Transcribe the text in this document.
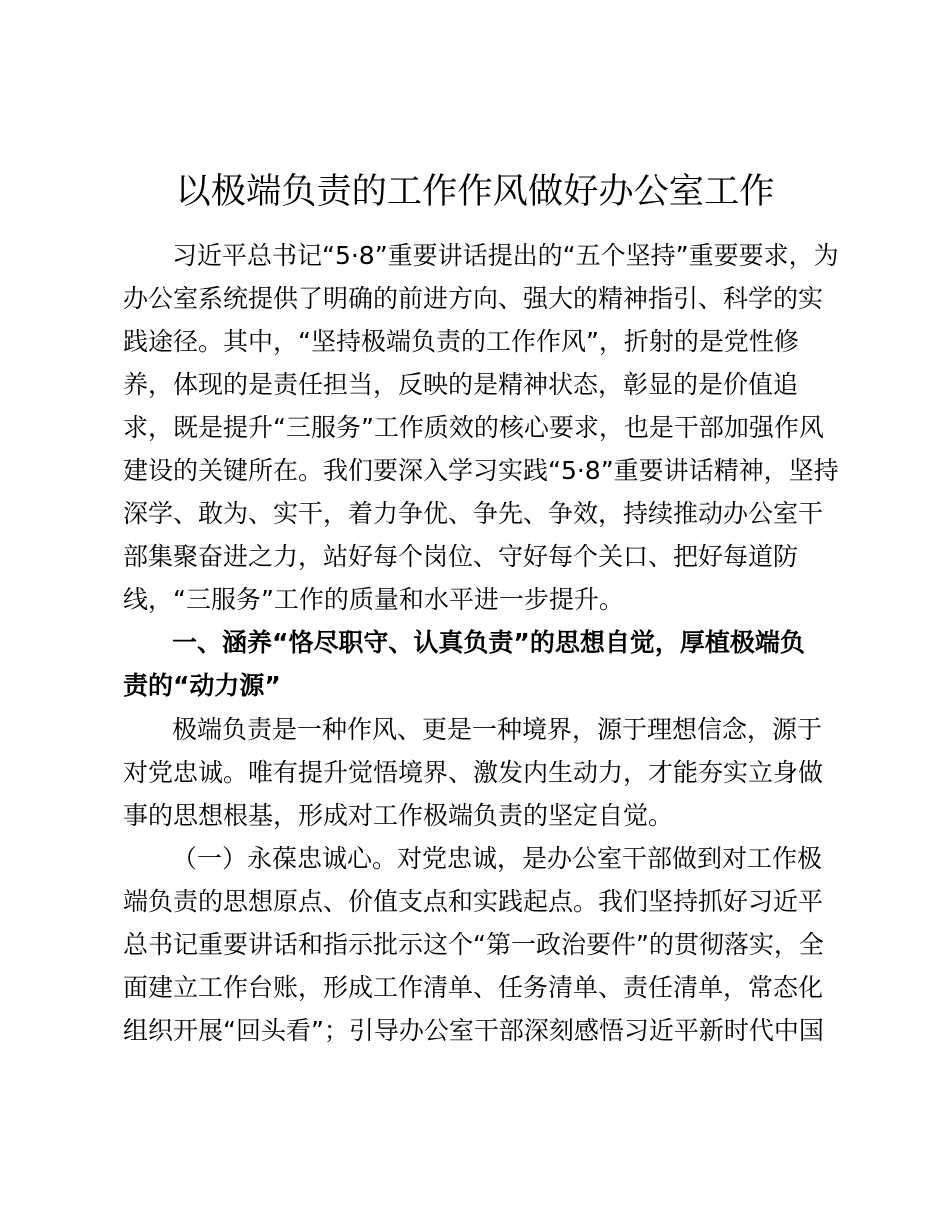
以极端负责的工作作风做好办公室工作

习近平总书记“5·8”重要讲话提出的“五个坚持”重要要求，为

办公室系统提供了明确的前进方向、强大的精神指引、科学的实

践途径。其中，“坚持极端负责的工作作风”，折射的是党性修

养，体现的是责任担当，反映的是精神状态，彰显的是价值追

求，既是提升“三服务”工作质效的核心要求，也是干部加强作风

建设的关键所在。我们要深入学习实践“5·8”重要讲话精神，坚持

深学、敢为、实干，着力争优、争先、争效，持续推动办公室干

部集聚奋进之力，站好每个岗位、守好每个关口、把好每道防

线，“三服务”工作的质量和水平进一步提升。

一、涵养“恪尽职守、认真负责”的思想自觉，厚植极端负

责的“动力源”

极端负责是一种作风、更是一种境界，源于理想信念，源于

对党忠诚。唯有提升觉悟境界、激发内生动力，才能夯实立身做

事的思想根基，形成对工作极端负责的坚定自觉。

（一）永葆忠诚心。对党忠诚，是办公室干部做到对工作极

端负责的思想原点、价值支点和实践起点。我们坚持抓好习近平

总书记重要讲话和指示批示这个“第一政治要件”的贯彻落实，全

面建立工作台账，形成工作清单、任务清单、责任清单，常态化

组织开展“回头看”；引导办公室干部深刻感悟习近平新时代中国
